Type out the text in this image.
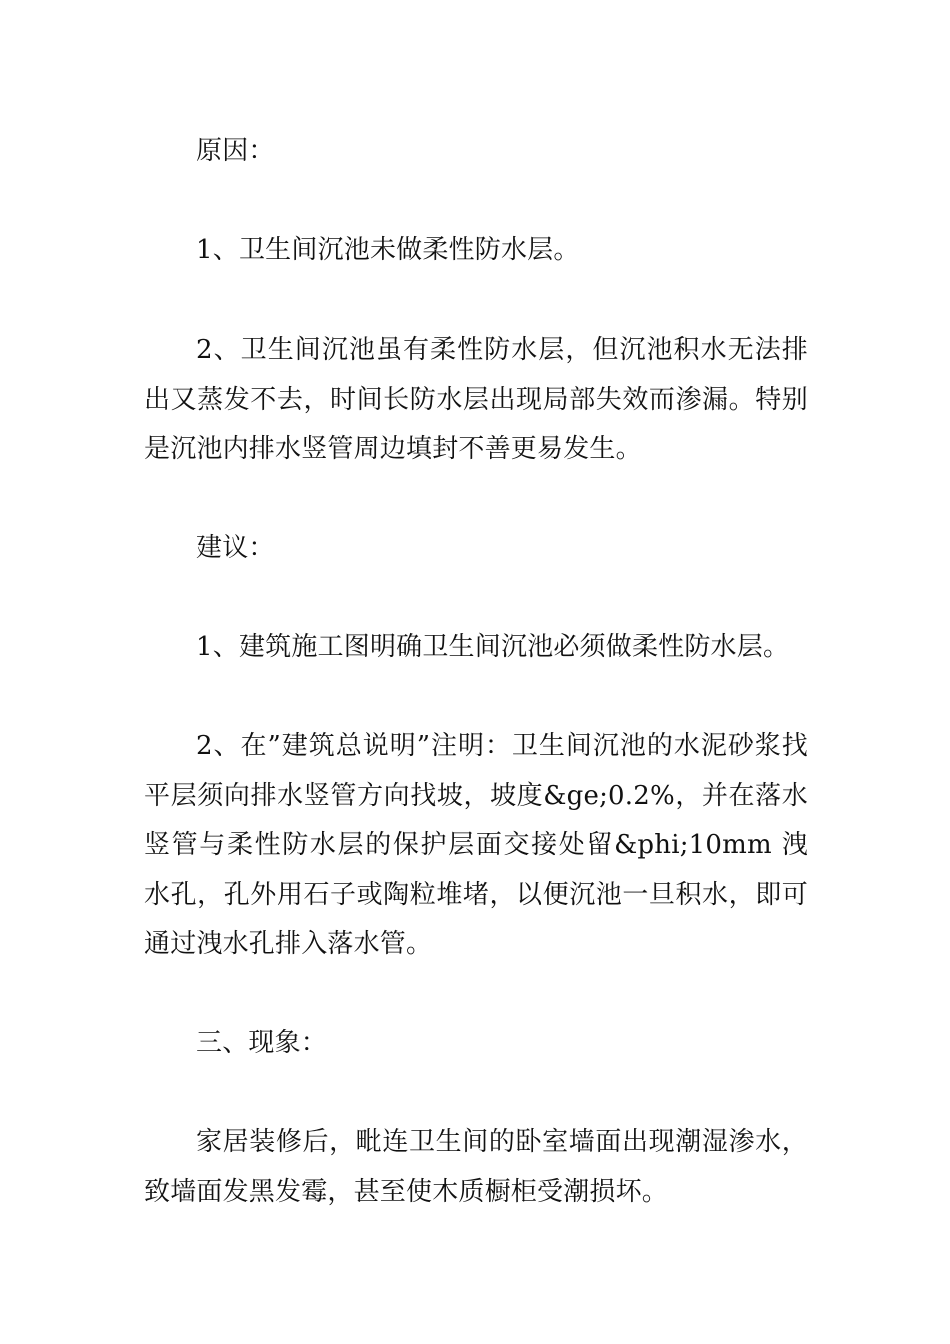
原因：

1、卫生间沉池未做柔性防水层。

2、卫生间沉池虽有柔性防水层，但沉池积水无法排出又蒸发不去，时间长防水层出现局部失效而渗漏。特别是沉池内排水竖管周边填封不善更易发生。

建议：

1、建筑施工图明确卫生间沉池必须做柔性防水层。

2、在”建筑总说明”注明：卫生间沉池的水泥砂浆找平层须向排水竖管方向找坡，坡度&ge;0.2%，并在落水竖管与柔性防水层的保护层面交接处留&phi;10mm 洩水孔，孔外用石子或陶粒堆堵，以便沉池一旦积水，即可通过洩水孔排入落水管。

三、现象：

家居装修后，毗连卫生间的卧室墙面出现潮湿渗水，致墙面发黑发霉，甚至使木质橱柜受潮损坏。
